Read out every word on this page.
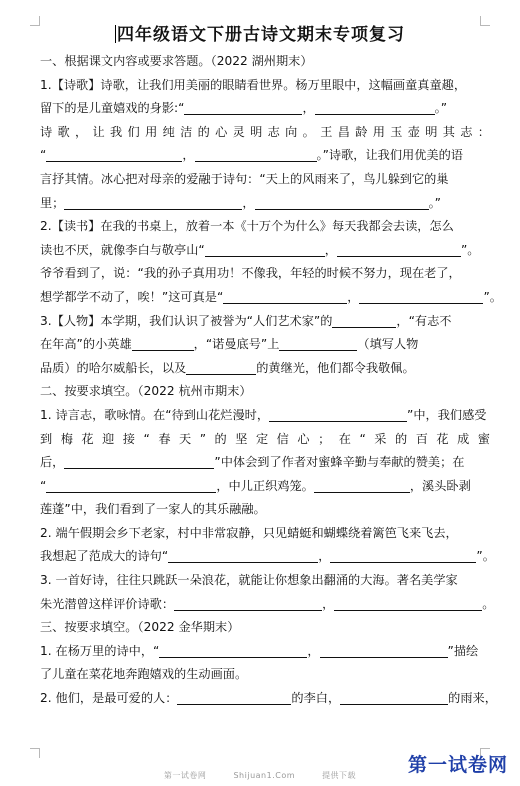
四年级语文下册古诗文期末专项复习
一、根据课文内容或要求答题。（2022 湖州期末）
1.【诗歌】诗歌，让我们用美丽的眼睛看世界。杨万里眼中，这幅画童真童趣，
留下的是儿童嬉戏的身影:“	，	。”
诗歌，让我们用纯洁的心灵明志向。王昌龄用玉壶明其志：
“	，	。”诗歌，让我们用优美的语
言抒其情。冰心把对母亲的爱融于诗句：“天上的风雨来了，鸟儿躲到它的巢
里；	，	。”
2.【读书】在我的书桌上，放着一本《十万个为什么》每天我都会去读，怎么
读也不厌，就像李白与敬亭山“	，	”。
爷爷看到了，说：“我的孙子真用功！不像我，年轻的时候不努力，现在老了，
想学都学不动了，唉！”这可真是“	，	”。
3.【人物】本学期，我们认识了被誉为“人们艺术家”的	，“有志不
在年高”的小英雄	，“诺曼底号”上	（填写人物
品质）的哈尔威船长，以及	的黄继光，他们都令我敬佩。
二、按要求填空。（2022 杭州市期末）
1. 诗言志，歌咏情。在“待到山花烂漫时，	”中，我们感受
到梅花迎接“春天”的坚定信心；在“采的百花成蜜
后，	”中体会到了作者对蜜蜂辛勤与奉献的赞美；在
“	，中儿正织鸡笼。	，溪头卧剥
莲蓬”中，我们看到了一家人的其乐融融。
2. 端午假期会乡下老家，村中非常寂静，只见蜻蜓和蝴蝶绕着篱笆飞来飞去，
我想起了范成大的诗句“	，	”。
3. 一首好诗，往往只跳跃一朵浪花，就能让你想象出翻涌的大海。著名美学家
朱光潜曾这样评价诗歌：	，	。
三、按要求填空。（2022 金华期末）
1. 在杨万里的诗中，“	，	”描绘
了儿童在菜花地奔跑嬉戏的生动画面。
2. 他们，是最可爱的人：	的李白，	的雨来，
第一试卷网	Shijuan1.Com	提供下载	第一试卷网
